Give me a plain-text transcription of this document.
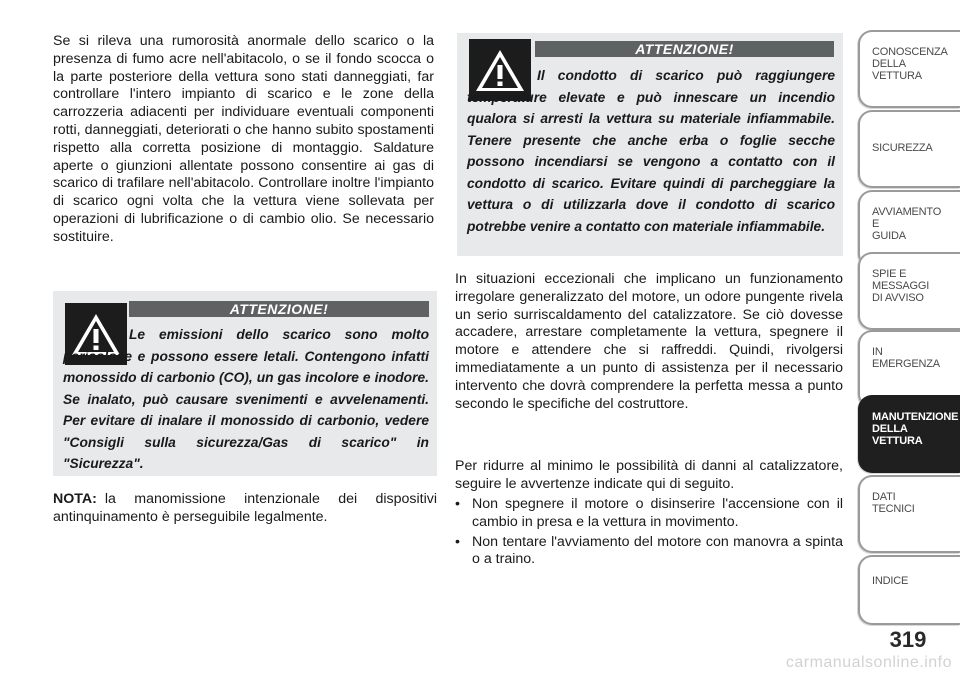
Se si rileva una rumorosità anormale dello scarico o la presenza di fumo acre nell'abitacolo, o se il fondo scocca o la parte posteriore della vettura sono stati danneggiati, far controllare l'intero impianto di scarico e le zone della carrozzeria adiacenti per individuare eventuali componenti rotti, danneggiati, deteriorati o che hanno subito spostamenti rispetto alla corretta posizione di montaggio. Saldature aperte o giunzioni allentate possono consentire ai gas di scarico di trafilare nell'abitacolo. Controllare inoltre l'impianto di scarico ogni volta che la vettura viene sollevata per operazioni di lubrificazione o di cambio olio. Se necessario sostituire.

ATTENZIONE!

Le emissioni dello scarico sono molto pericolose e possono essere letali. Contengono infatti monossido di carbonio (CO), un gas incolore e inodore. Se inalato, può causare svenimenti e avvelenamenti. Per evitare di inalare il monossido di carbonio, vedere "Consigli sulla sicurezza/Gas di scarico" in "Sicurezza".

NOTA: la manomissione intenzionale dei dispositivi antinquinamento è perseguibile legalmente.

ATTENZIONE!

Il condotto di scarico può raggiungere temperature elevate e può innescare un incendio qualora si arresti la vettura su materiale infiammabile. Tenere presente che anche erba o foglie secche possono incendiarsi se vengono a contatto con il condotto di scarico. Evitare quindi di parcheggiare la vettura o di utilizzarla dove il condotto di scarico potrebbe venire a contatto con materiale infiammabile.

In situazioni eccezionali che implicano un funzionamento irregolare generalizzato del motore, un odore pungente rivela un serio surriscaldamento del catalizzatore. Se ciò dovesse accadere, arrestare completamente la vettura, spegnere il motore e attendere che si raffreddi. Quindi, rivolgersi immediatamente a un punto di assistenza per il necessario intervento che dovrà comprendere la perfetta messa a punto secondo le specifiche del costruttore.

Per ridurre al minimo le possibilità di danni al catalizzatore, seguire le avvertenze indicate qui di seguito.

• Non spegnere il motore o disinserire l'accensione con il cambio in presa e la vettura in movimento.
• Non tentare l'avviamento del motore con manovra a spinta o a traino.
CONOSCENZA
DELLA
VETTURA
SICUREZZA
AVVIAMENTO
E
GUIDA
SPIE E
MESSAGGI
DI AVVISO
IN
EMERGENZA
MANUTENZIONE
DELLA
VETTURA
DATI
TECNICI
INDICE
319
carmanualsonline.info
